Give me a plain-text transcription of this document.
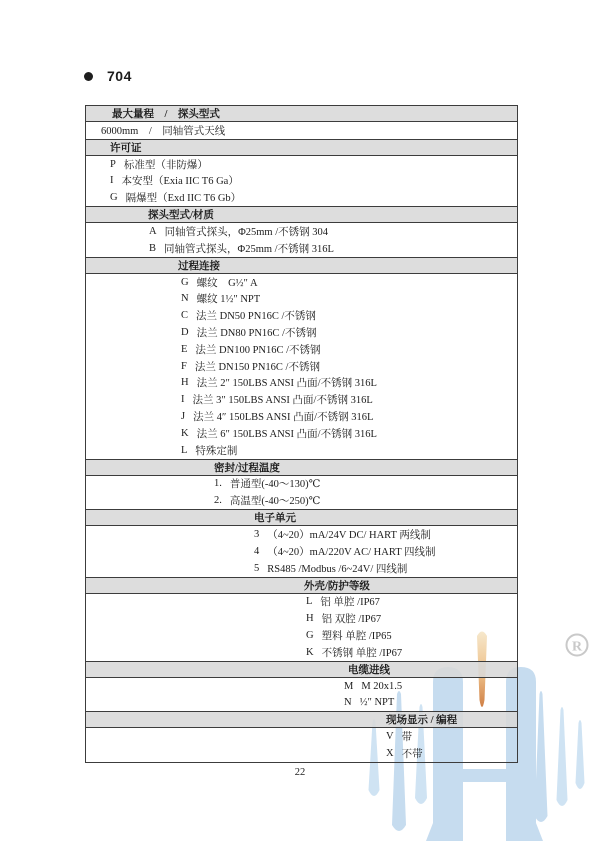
R
704
最大量程　/　探头型式
6000mm　/　同轴管式天线
许可证
P 标准型（非防爆）
I 本安型（Exia IIC T6 Ga）
G 隔爆型（Exd IIC T6 Gb）
探头型式/材质
A 同轴管式探头，Φ25mm /不锈钢 304
B 同轴管式探头，Φ25mm /不锈钢 316L
过程连接
G 螺纹　G½″ A
N 螺纹 1½″ NPT
C 法兰 DN50 PN16C /不锈钢
D 法兰 DN80 PN16C /不锈钢
E 法兰 DN100 PN16C /不锈钢
F 法兰 DN150 PN16C /不锈钢
H 法兰 2″ 150LBS ANSI 凸面/不锈钢 316L
I 法兰 3″ 150LBS ANSI 凸面/不锈钢 316L
J 法兰 4″ 150LBS ANSI 凸面/不锈钢 316L
K 法兰 6″ 150LBS ANSI 凸面/不锈钢 316L
L 特殊定制
密封/过程温度
1. 普通型(-40～130)℃
2. 高温型(-40～250)℃
电子单元
3 （4~20）mA/24V DC/ HART 两线制
4 （4~20）mA/220V AC/ HART 四线制
5 RS485 /Modbus /6~24V/ 四线制
外壳/防护等级
L 铝 单腔 /IP67
H 铝 双腔 /IP67
G 塑料 单腔 /IP65
K 不锈钢 单腔 /IP67
电缆进线
M M 20x1.5
N ½″ NPT
现场显示 / 编程
V 带
X 不带
22
